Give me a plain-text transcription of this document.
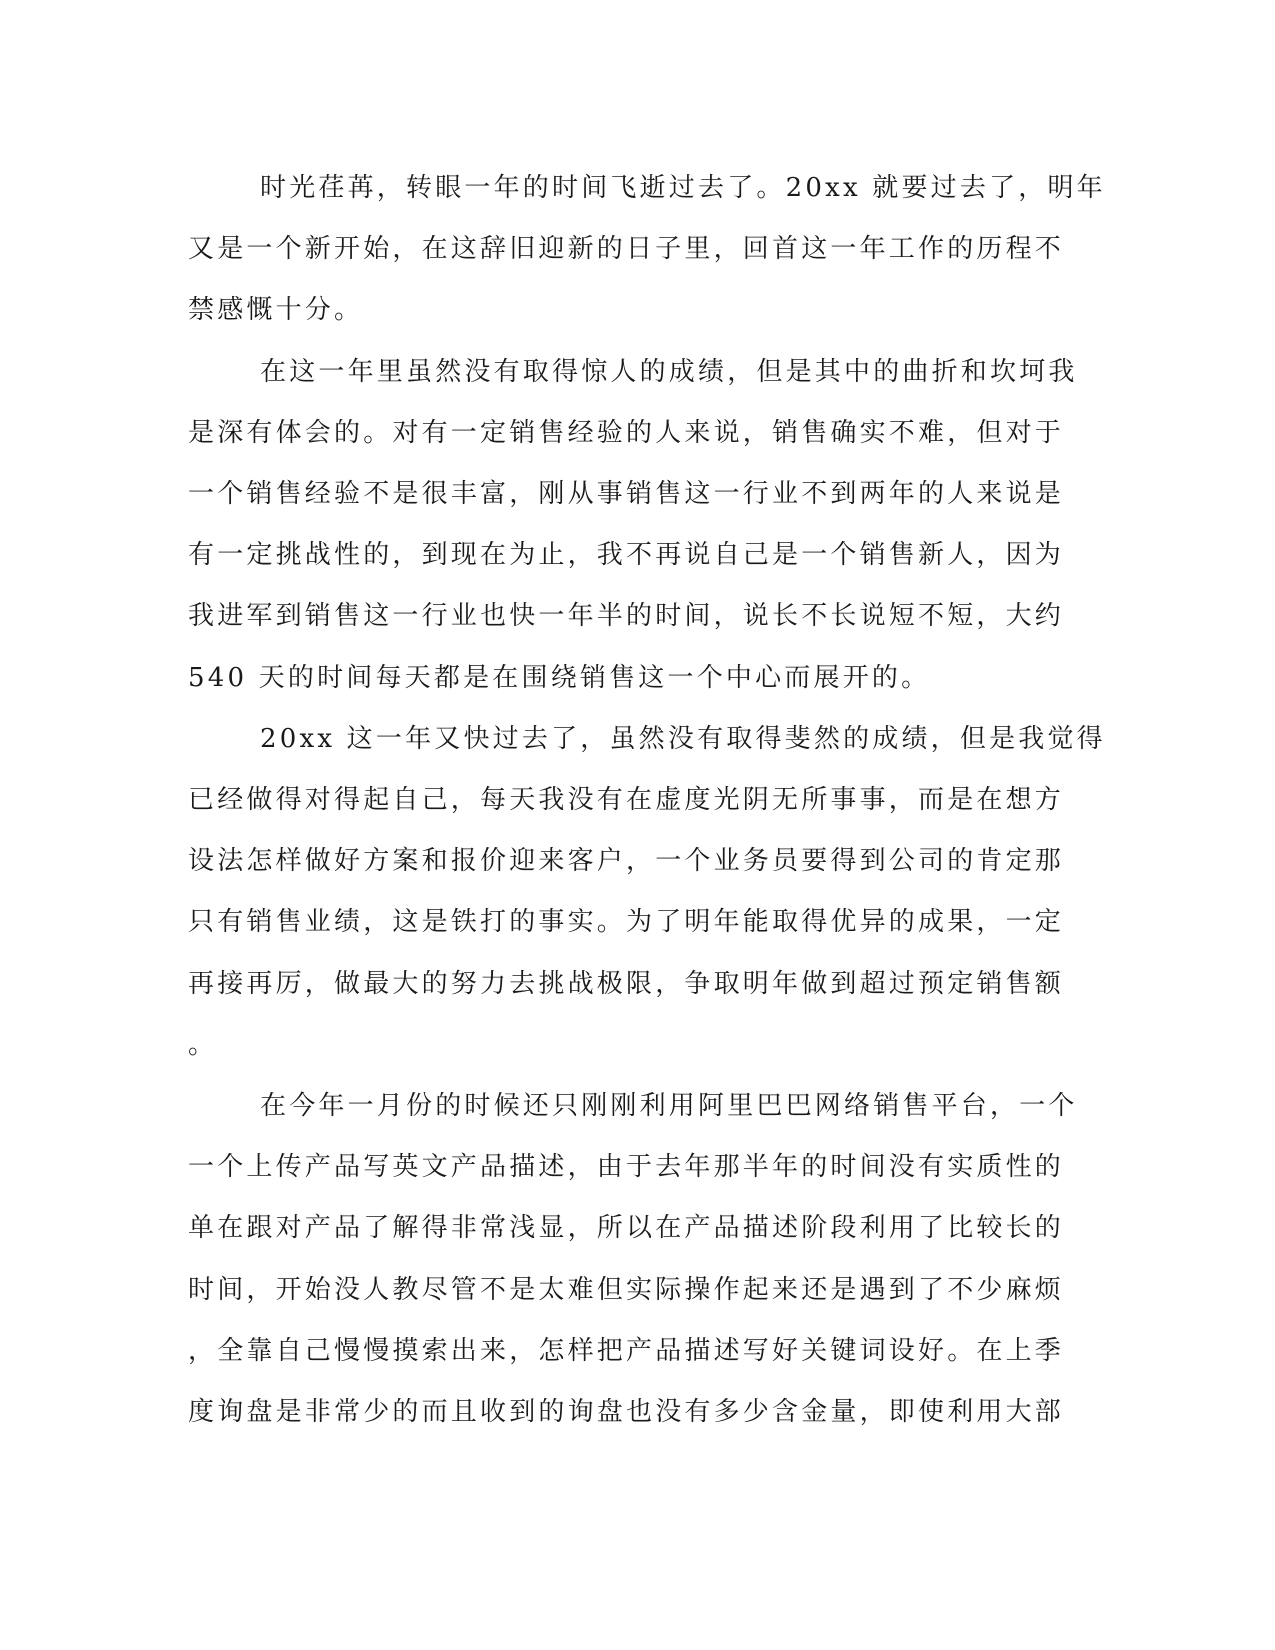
时光荏苒，转眼一年的时间飞逝过去了。20xx 就要过去了，明年
又是一个新开始，在这辞旧迎新的日子里，回首这一年工作的历程不
禁感慨十分。

在这一年里虽然没有取得惊人的成绩，但是其中的曲折和坎坷我
是深有体会的。对有一定销售经验的人来说，销售确实不难，但对于
一个销售经验不是很丰富，刚从事销售这一行业不到两年的人来说是
有一定挑战性的，到现在为止，我不再说自己是一个销售新人，因为
我进军到销售这一行业也快一年半的时间，说长不长说短不短，大约
540 天的时间每天都是在围绕销售这一个中心而展开的。

20xx 这一年又快过去了，虽然没有取得斐然的成绩，但是我觉得
已经做得对得起自己，每天我没有在虚度光阴无所事事，而是在想方
设法怎样做好方案和报价迎来客户，一个业务员要得到公司的肯定那
只有销售业绩，这是铁打的事实。为了明年能取得优异的成果，一定
再接再厉，做最大的努力去挑战极限，争取明年做到超过预定销售额
。

在今年一月份的时候还只刚刚利用阿里巴巴网络销售平台，一个
一个上传产品写英文产品描述，由于去年那半年的时间没有实质性的
单在跟对产品了解得非常浅显，所以在产品描述阶段利用了比较长的
时间，开始没人教尽管不是太难但实际操作起来还是遇到了不少麻烦
，全靠自己慢慢摸索出来，怎样把产品描述写好关键词设好。在上季
度询盘是非常少的而且收到的询盘也没有多少含金量，即使利用大部
